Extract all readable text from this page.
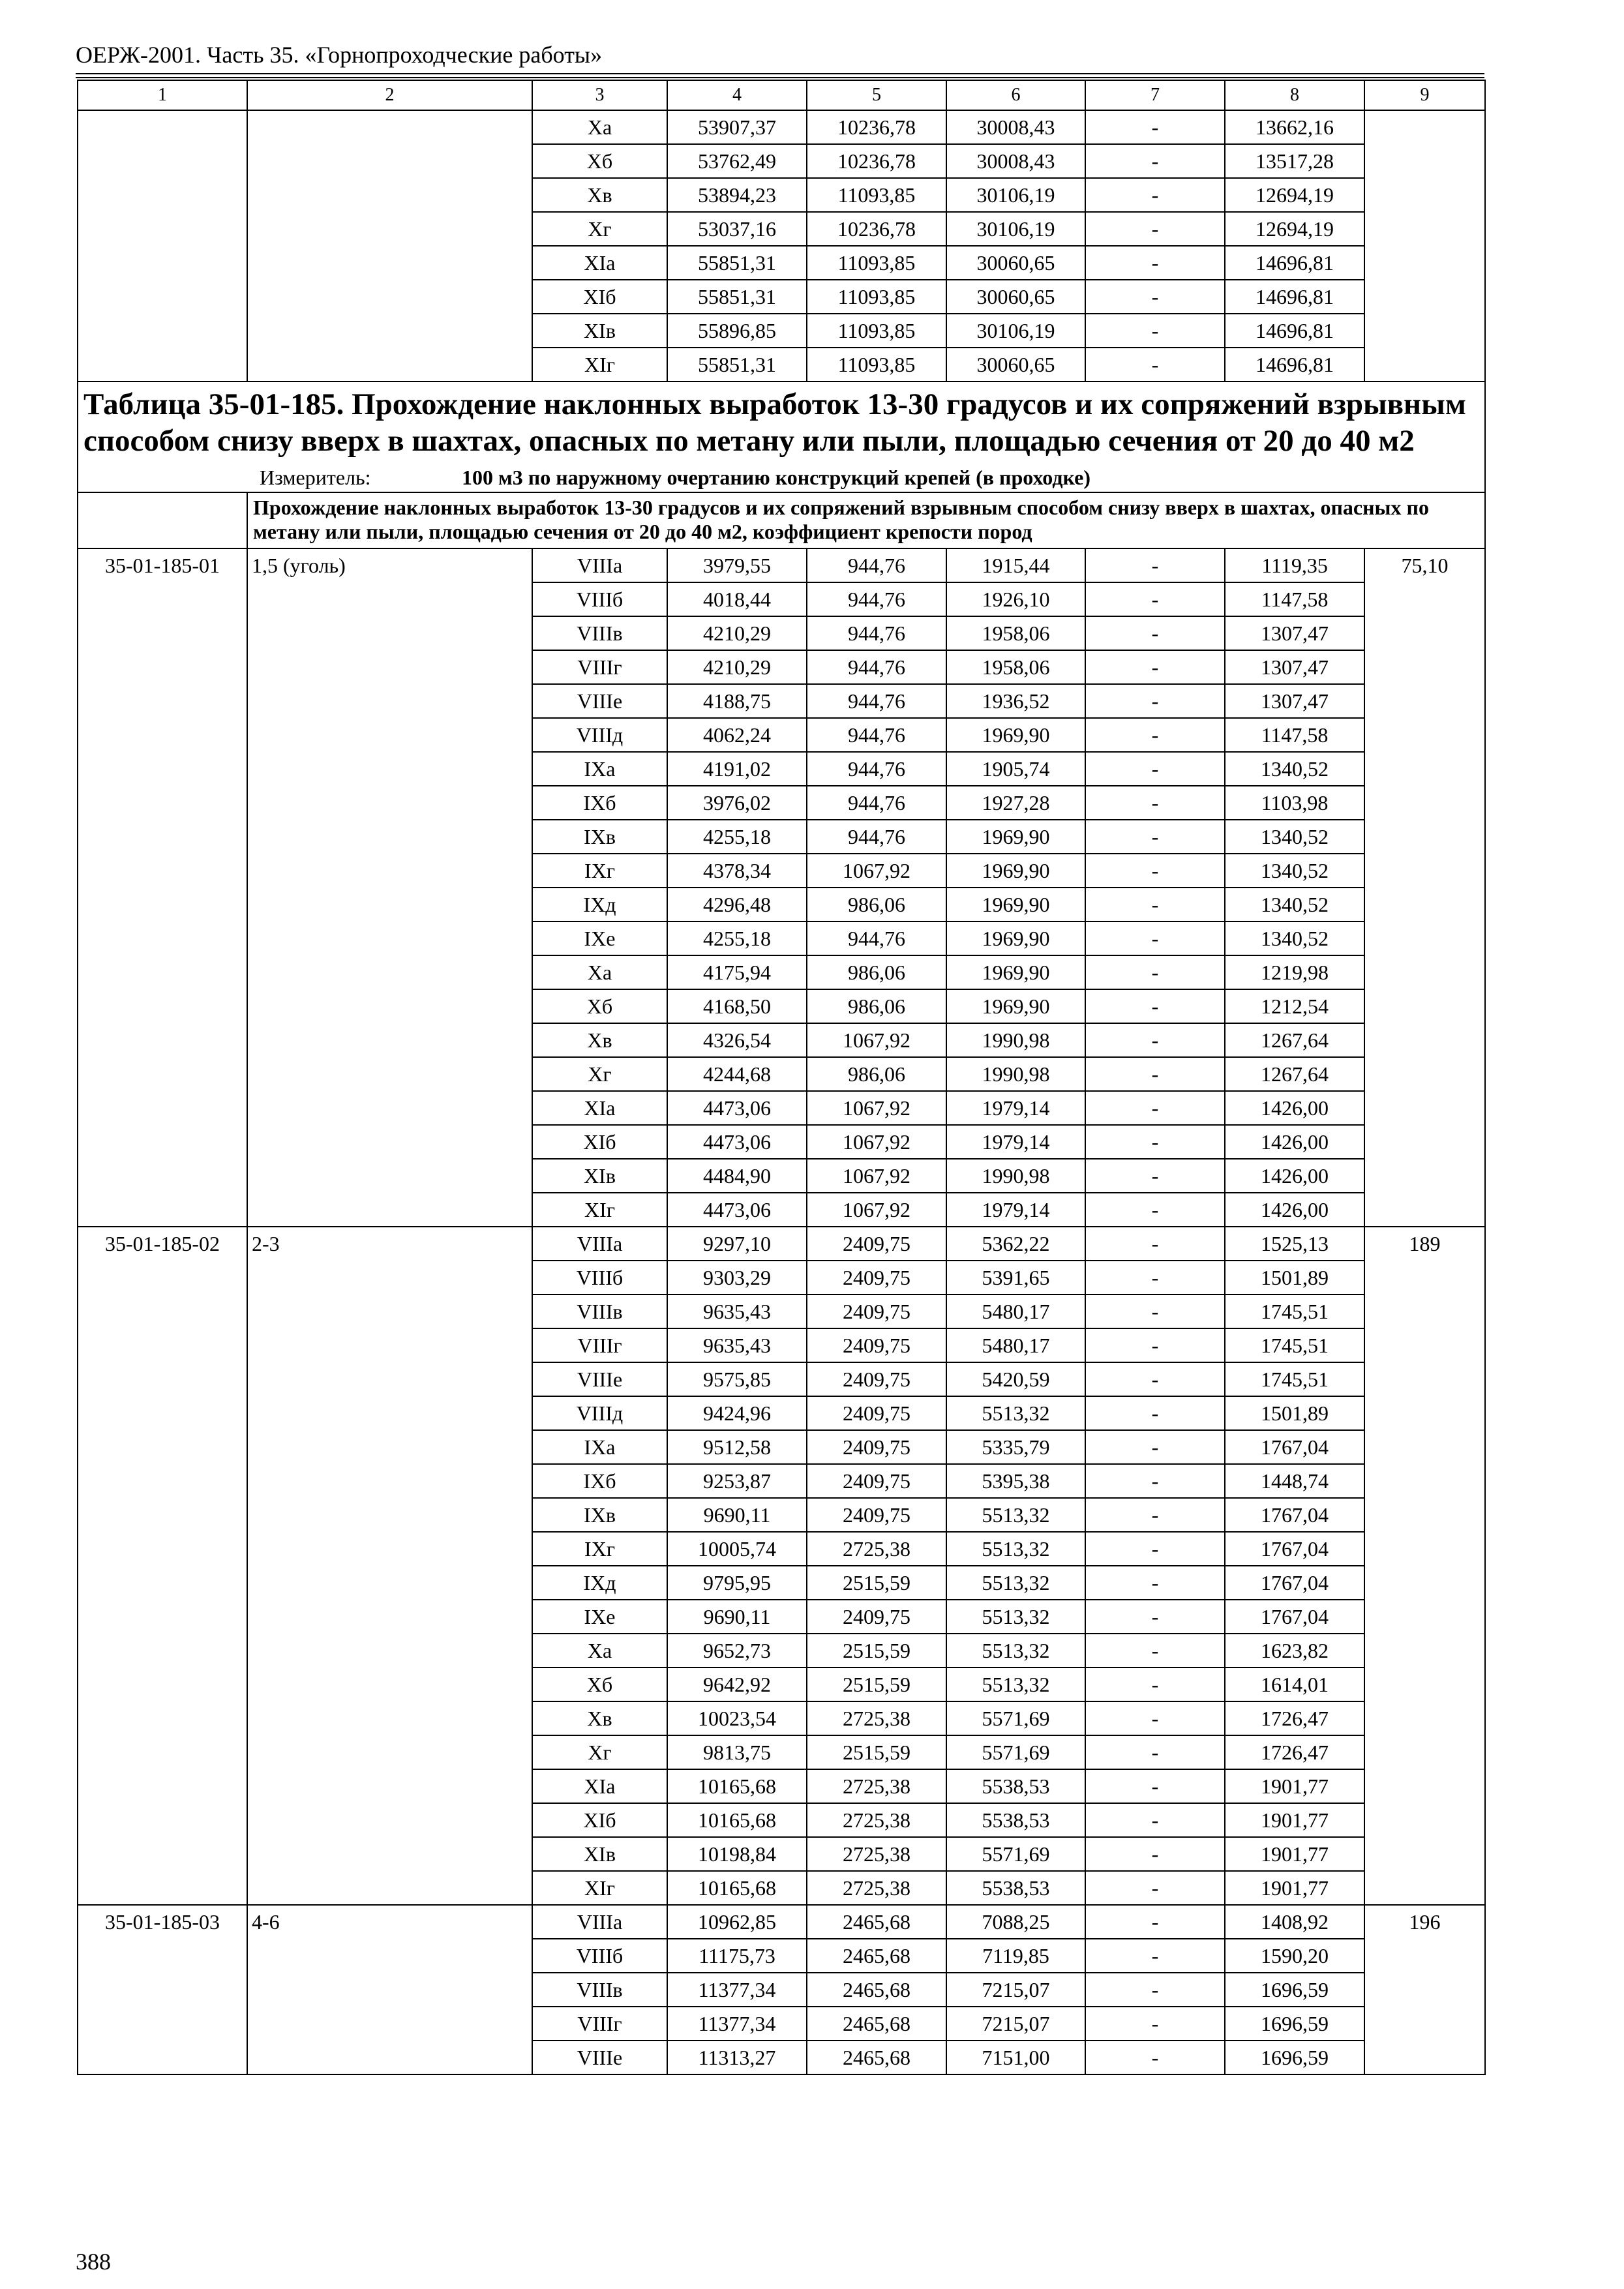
ОЕРЖ-2001. Часть 35. «Горнопроходческие работы»
1	2	3	4	5	6	7	8	9
		Xa	53907,37	10236,78	30008,43	-	13662,16	
		Xб	53762,49	10236,78	30008,43	-	13517,28	
		Xв	53894,23	11093,85	30106,19	-	12694,19	
		Xг	53037,16	10236,78	30106,19	-	12694,19	
		XIa	55851,31	11093,85	30060,65	-	14696,81	
		XIб	55851,31	11093,85	30060,65	-	14696,81	
		XIв	55896,85	11093,85	30106,19	-	14696,81	
		XIг	55851,31	11093,85	30060,65	-	14696,81	

Таблица 35-01-185. Прохождение наклонных выработок 13-30 градусов и их сопряжений взрывным способом снизу вверх в шахтах, опасных по метану или пыли, площадью сечения от 20 до 40 м2
Измеритель: 100 м3 по наружному очертанию конструкций крепей (в проходке)								

	Прохождение наклонных выработок 13-30 градусов и их сопряжений взрывным способом снизу вверх в шахтах, опасных по метану или пыли, площадью сечения от 20 до 40 м2, коэффициент крепости пород							

35-01-185-01	1,5 (уголь)	VIIIa	3979,55	944,76	1915,44	-	1119,35	75,10
		VIIIб	4018,44	944,76	1926,10	-	1147,58	
		VIIIв	4210,29	944,76	1958,06	-	1307,47	
		VIIIг	4210,29	944,76	1958,06	-	1307,47	
		VIIIe	4188,75	944,76	1936,52	-	1307,47	
		VIIIд	4062,24	944,76	1969,90	-	1147,58	
		IXa	4191,02	944,76	1905,74	-	1340,52	
		IXб	3976,02	944,76	1927,28	-	1103,98	
		IXв	4255,18	944,76	1969,90	-	1340,52	
		IXг	4378,34	1067,92	1969,90	-	1340,52	
		IXд	4296,48	986,06	1969,90	-	1340,52	
		IXe	4255,18	944,76	1969,90	-	1340,52	
		Xa	4175,94	986,06	1969,90	-	1219,98	
		Xб	4168,50	986,06	1969,90	-	1212,54	
		Xв	4326,54	1067,92	1990,98	-	1267,64	
		Xг	4244,68	986,06	1990,98	-	1267,64	
		XIa	4473,06	1067,92	1979,14	-	1426,00	
		XIб	4473,06	1067,92	1979,14	-	1426,00	
		XIв	4484,90	1067,92	1990,98	-	1426,00	
		XIг	4473,06	1067,92	1979,14	-	1426,00	
35-01-185-02	2-3	VIIIa	9297,10	2409,75	5362,22	-	1525,13	189
		VIIIб	9303,29	2409,75	5391,65	-	1501,89	
		VIIIв	9635,43	2409,75	5480,17	-	1745,51	
		VIIIг	9635,43	2409,75	5480,17	-	1745,51	
		VIIIe	9575,85	2409,75	5420,59	-	1745,51	
		VIIIд	9424,96	2409,75	5513,32	-	1501,89	
		IXa	9512,58	2409,75	5335,79	-	1767,04	
		IXб	9253,87	2409,75	5395,38	-	1448,74	
		IXв	9690,11	2409,75	5513,32	-	1767,04	
		IXг	10005,74	2725,38	5513,32	-	1767,04	
		IXд	9795,95	2515,59	5513,32	-	1767,04	
		IXe	9690,11	2409,75	5513,32	-	1767,04	
		Xa	9652,73	2515,59	5513,32	-	1623,82	
		Xб	9642,92	2515,59	5513,32	-	1614,01	
		Xв	10023,54	2725,38	5571,69	-	1726,47	
		Xг	9813,75	2515,59	5571,69	-	1726,47	
		XIa	10165,68	2725,38	5538,53	-	1901,77	
		XIб	10165,68	2725,38	5538,53	-	1901,77	
		XIв	10198,84	2725,38	5571,69	-	1901,77	
		XIг	10165,68	2725,38	5538,53	-	1901,77	
35-01-185-03	4-6	VIIIa	10962,85	2465,68	7088,25	-	1408,92	196
		VIIIб	11175,73	2465,68	7119,85	-	1590,20	
		VIIIв	11377,34	2465,68	7215,07	-	1696,59	
		VIIIг	11377,34	2465,68	7215,07	-	1696,59	
		VIIIe	11313,27	2465,68	7151,00	-	1696,59	
388
